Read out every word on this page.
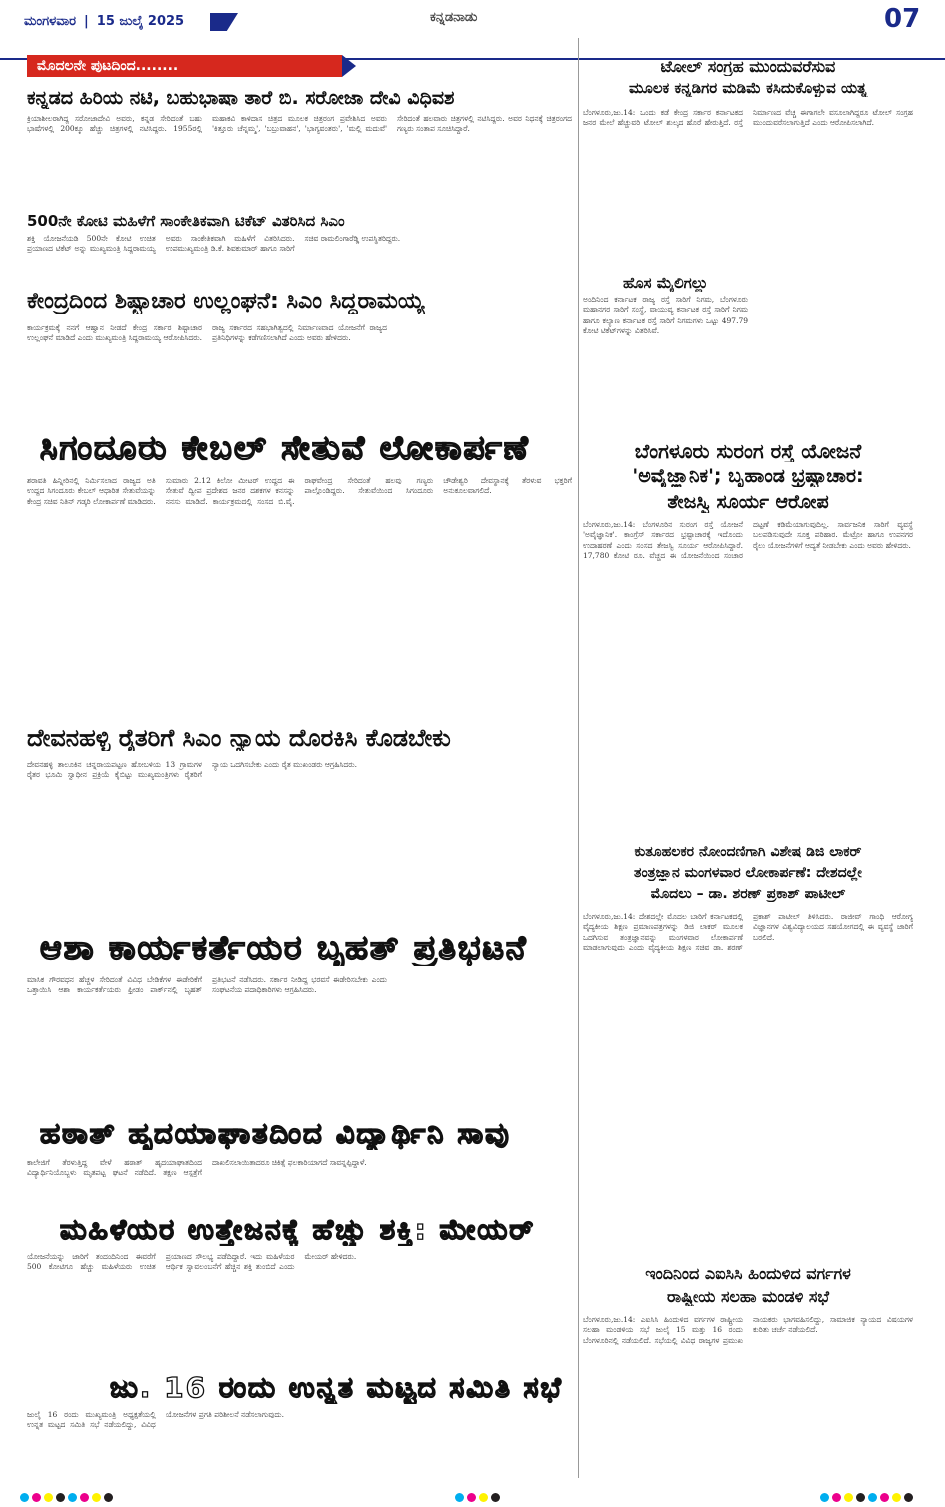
ಮಂಗಳವಾರ | 15 ಜುಲೈ 2025	ಕನ್ನಡನಾಡು	07
ಮೊದಲನೇ ಪುಟದಿಂದ........
ಕನ್ನಡದ ಹಿರಿಯ ನಟಿ, ಬಹುಭಾಷಾ ತಾರೆ ಬಿ. ಸರೋಜಾ ದೇವಿ ವಿಧಿವಶ
ಕ್ರಿಯಾಶೀಲರಾಗಿದ್ದ ಸರೋಜಾದೇವಿ ಅವರು, ಕನ್ನಡ ಸೇರಿದಂತೆ ಬಹು ಭಾಷೆಗಳಲ್ಲಿ 200ಕ್ಕೂ ಹೆಚ್ಚು ಚಿತ್ರಗಳಲ್ಲಿ ನಟಿಸಿದ್ದರು. 1955ರಲ್ಲಿ ಮಹಾಕವಿ ಕಾಳಿದಾಸ ಚಿತ್ರದ ಮೂಲಕ ಚಿತ್ರರಂಗ ಪ್ರವೇಶಿಸಿದ ಅವರು 'ಕಿತ್ತೂರು ಚೆನ್ನಮ್ಮ', 'ಬಬ್ರುವಾಹನ', 'ಭಾಗ್ಯವಂತರು', 'ಮಲ್ಲಿ ಮದುವೆ' ಸೇರಿದಂತೆ ಹಲವಾರು ಚಿತ್ರಗಳಲ್ಲಿ ನಟಿಸಿದ್ದರು. ಅವರ ನಿಧನಕ್ಕೆ ಚಿತ್ರರಂಗದ ಗಣ್ಯರು ಸಂತಾಪ ಸೂಚಿಸಿದ್ದಾರೆ.
500ನೇ ಕೋಟಿ ಮಹಿಳೆಗೆ ಸಾಂಕೇತಿಕವಾಗಿ ಟಿಕೆಟ್ ವಿತರಿಸಿದ ಸಿಎಂ
ಶಕ್ತಿ ಯೋಜನೆಯಡಿ 500ನೇ ಕೋಟಿ ಉಚಿತ ಪ್ರಯಾಣದ ಟಿಕೆಟ್ ಅನ್ನು ಮುಖ್ಯಮಂತ್ರಿ ಸಿದ್ದರಾಮಯ್ಯ ಅವರು ಸಾಂಕೇತಿಕವಾಗಿ ಮಹಿಳೆಗೆ ವಿತರಿಸಿದರು. ಉಪಮುಖ್ಯಮಂತ್ರಿ ಡಿ.ಕೆ. ಶಿವಕುಮಾರ್ ಹಾಗೂ ಸಾರಿಗೆ ಸಚಿವ ರಾಮಲಿಂಗಾರೆಡ್ಡಿ ಉಪಸ್ಥಿತರಿದ್ದರು.
ಕೇಂದ್ರದಿಂದ ಶಿಷ್ಟಾಚಾರ ಉಲ್ಲಂಘನೆ: ಸಿಎಂ ಸಿದ್ದರಾಮಯ್ಯ
ಕಾರ್ಯಕ್ರಮಕ್ಕೆ ನನಗೆ ಆಹ್ವಾನ ನೀಡದೆ ಕೇಂದ್ರ ಸರ್ಕಾರ ಶಿಷ್ಟಾಚಾರ ಉಲ್ಲಂಘನೆ ಮಾಡಿದೆ ಎಂದು ಮುಖ್ಯಮಂತ್ರಿ ಸಿದ್ದರಾಮಯ್ಯ ಆರೋಪಿಸಿದರು. ರಾಜ್ಯ ಸರ್ಕಾರದ ಸಹಭಾಗಿತ್ವದಲ್ಲಿ ನಿರ್ಮಾಣವಾದ ಯೋಜನೆಗೆ ರಾಜ್ಯದ ಪ್ರತಿನಿಧಿಗಳನ್ನು ಕಡೆಗಣಿಸಲಾಗಿದೆ ಎಂದು ಅವರು ಹೇಳಿದರು.
ಸಿಗಂದೂರು ಕೇಬಲ್ ಸೇತುವೆ ಲೋಕಾರ್ಪಣೆ
ಶರಾವತಿ ಹಿನ್ನೀರಿನಲ್ಲಿ ನಿರ್ಮಿಸಲಾದ ರಾಜ್ಯದ ಅತಿ ಉದ್ದದ ಸಿಗಂದೂರು ಕೇಬಲ್ ಆಧಾರಿತ ಸೇತುವೆಯನ್ನು ಕೇಂದ್ರ ಸಚಿವ ನಿತಿನ್ ಗಡ್ಕರಿ ಲೋಕಾರ್ಪಣೆ ಮಾಡಿದರು. ಸುಮಾರು 2.12 ಕಿಲೋ ಮೀಟರ್ ಉದ್ದದ ಈ ಸೇತುವೆ ದ್ವೀಪ ಪ್ರದೇಶದ ಜನರ ದಶಕಗಳ ಕನಸನ್ನು ನನಸು ಮಾಡಿದೆ. ಕಾರ್ಯಕ್ರಮದಲ್ಲಿ ಸಂಸದ ಬಿ.ವೈ. ರಾಘವೇಂದ್ರ ಸೇರಿದಂತೆ ಹಲವು ಗಣ್ಯರು ಪಾಲ್ಗೊಂಡಿದ್ದರು. ಸೇತುವೆಯಿಂದ ಸಿಗಂದೂರು ಚೌಡೇಶ್ವರಿ ದೇವಸ್ಥಾನಕ್ಕೆ ತೆರಳುವ ಭಕ್ತರಿಗೆ ಅನುಕೂಲವಾಗಲಿದೆ.
ದೇವನಹಳ್ಳಿ ರೈತರಿಗೆ ಸಿಎಂ ನ್ಯಾಯ ದೊರಕಿಸಿ ಕೊಡಬೇಕು
ದೇವನಹಳ್ಳಿ ತಾಲೂಕಿನ ಚನ್ನರಾಯಪಟ್ಟಣ ಹೋಬಳಿಯ 13 ಗ್ರಾಮಗಳ ರೈತರ ಭೂಮಿ ಸ್ವಾಧೀನ ಪ್ರಕ್ರಿಯೆ ಕೈಬಿಟ್ಟು ಮುಖ್ಯಮಂತ್ರಿಗಳು ರೈತರಿಗೆ ನ್ಯಾಯ ಒದಗಿಸಬೇಕು ಎಂದು ರೈತ ಮುಖಂಡರು ಆಗ್ರಹಿಸಿದರು.
ಆಶಾ ಕಾರ್ಯಕರ್ತೆಯರ ಬೃಹತ್ ಪ್ರತಿಭಟನೆ
ಮಾಸಿಕ ಗೌರವಧನ ಹೆಚ್ಚಳ ಸೇರಿದಂತೆ ವಿವಿಧ ಬೇಡಿಕೆಗಳ ಈಡೇರಿಕೆಗೆ ಒತ್ತಾಯಿಸಿ ಆಶಾ ಕಾರ್ಯಕರ್ತೆಯರು ಫ್ರೀಡಂ ಪಾರ್ಕ್‌ನಲ್ಲಿ ಬೃಹತ್ ಪ್ರತಿಭಟನೆ ನಡೆಸಿದರು. ಸರ್ಕಾರ ನೀಡಿದ್ದ ಭರವಸೆ ಈಡೇರಿಸಬೇಕು ಎಂದು ಸಂಘಟನೆಯ ಪದಾಧಿಕಾರಿಗಳು ಆಗ್ರಹಿಸಿದರು.
ಹಠಾತ್ ಹೃದಯಾಘಾತದಿಂದ ವಿದ್ಯಾರ್ಥಿನಿ ಸಾವು
ಕಾಲೇಜಿಗೆ ತೆರಳುತ್ತಿದ್ದ ವೇಳೆ ಹಠಾತ್ ಹೃದಯಾಘಾತದಿಂದ ವಿದ್ಯಾರ್ಥಿನಿಯೊಬ್ಬಳು ಮೃತಪಟ್ಟ ಘಟನೆ ನಡೆದಿದೆ. ತಕ್ಷಣ ಆಸ್ಪತ್ರೆಗೆ ದಾಖಲಿಸಲಾಯಿತಾದರೂ ಚಿಕಿತ್ಸೆ ಫಲಕಾರಿಯಾಗದೆ ಸಾವನ್ನಪ್ಪಿದ್ದಾಳೆ.
ಮಹಿಳೆಯರ ಉತ್ತೇಜನಕ್ಕೆ ಹೆಚ್ಚು ಶಕ್ತಿ: ಮೇಯರ್
ಯೋಜನೆಯನ್ನು ಜಾರಿಗೆ ತಂದಂದಿನಿಂದ ಈವರೆಗೆ 500 ಕೋಟಿಗೂ ಹೆಚ್ಚು ಮಹಿಳೆಯರು ಉಚಿತ ಪ್ರಯಾಣದ ಸೌಲಭ್ಯ ಪಡೆದಿದ್ದಾರೆ. ಇದು ಮಹಿಳೆಯರ ಆರ್ಥಿಕ ಸ್ವಾವಲಂಬನೆಗೆ ಹೆಚ್ಚಿನ ಶಕ್ತಿ ತುಂಬಿದೆ ಎಂದು ಮೇಯರ್ ಹೇಳಿದರು.
ಜು. 16 ರಂದು ಉನ್ನತ ಮಟ್ಟದ ಸಮಿತಿ ಸಭೆ
ಜುಲೈ 16 ರಂದು ಮುಖ್ಯಮಂತ್ರಿ ಅಧ್ಯಕ್ಷತೆಯಲ್ಲಿ ಉನ್ನತ ಮಟ್ಟದ ಸಮಿತಿ ಸಭೆ ನಡೆಯಲಿದ್ದು, ವಿವಿಧ ಯೋಜನೆಗಳ ಪ್ರಗತಿ ಪರಿಶೀಲನೆ ನಡೆಸಲಾಗುವುದು.
ಟೋಲ್ ಸಂಗ್ರಹ ಮುಂದುವರೆಸುವ
ಮೂಲಕ ಕನ್ನಡಿಗರ ಮಡಿಮೆ ಕಸಿದುಕೊಳ್ಳುವ ಯತ್ನ
ಬೆಂಗಳೂರು,ಜು.14: ಒಂದು ಕಡೆ ಕೇಂದ್ರ ಸರ್ಕಾರ ಕರ್ನಾಟಕದ ಜನರ ಮೇಲೆ ಹೆಚ್ಚುವರಿ ಟೋಲ್ ಶುಲ್ಕದ ಹೊರೆ ಹೇರುತ್ತಿದೆ. ರಸ್ತೆ ನಿರ್ಮಾಣದ ವೆಚ್ಚ ಈಗಾಗಲೇ ವಸೂಲಾಗಿದ್ದರೂ ಟೋಲ್ ಸಂಗ್ರಹ ಮುಂದುವರೆಸಲಾಗುತ್ತಿದೆ ಎಂದು ಆರೋಪಿಸಲಾಗಿದೆ.
ಹೊಸ ಮೈಲಿಗಲ್ಲು
ಅಂದಿನಿಂದ ಕರ್ನಾಟಕ ರಾಜ್ಯ ರಸ್ತೆ ಸಾರಿಗೆ ನಿಗಮ, ಬೆಂಗಳೂರು ಮಹಾನಗರ ಸಾರಿಗೆ ಸಂಸ್ಥೆ, ವಾಯುವ್ಯ ಕರ್ನಾಟಕ ರಸ್ತೆ ಸಾರಿಗೆ ನಿಗಮ ಹಾಗೂ ಕಲ್ಯಾಣ ಕರ್ನಾಟಕ ರಸ್ತೆ ಸಾರಿಗೆ ನಿಗಮಗಳು ಒಟ್ಟು 497.79 ಕೋಟಿ ಟಿಕೆಟ್‌ಗಳನ್ನು ವಿತರಿಸಿವೆ.
ಬೆಂಗಳೂರು ಸುರಂಗ ರಸ್ತೆ ಯೋಜನೆ
'ಅವೈಜ್ಞಾನಿಕ'; ಬೃಹಾಂಡ ಭ್ರಷ್ಟಾಚಾರ:
ತೇಜಸ್ವಿ ಸೂರ್ಯ ಆರೋಪ
ಬೆಂಗಳೂರು,ಜು.14: ಬೆಂಗಳೂರಿನ ಸುರಂಗ ರಸ್ತೆ ಯೋಜನೆ 'ಅವೈಜ್ಞಾನಿಕ'. ಕಾಂಗ್ರೆಸ್ ಸರ್ಕಾರದ ಭ್ರಷ್ಟಾಚಾರಕ್ಕೆ ಇದೊಂದು ಉದಾಹರಣೆ ಎಂದು ಸಂಸದ ತೇಜಸ್ವಿ ಸೂರ್ಯ ಆರೋಪಿಸಿದ್ದಾರೆ. 17,780 ಕೋಟಿ ರೂ. ವೆಚ್ಚದ ಈ ಯೋಜನೆಯಿಂದ ಸಂಚಾರ ದಟ್ಟಣೆ ಕಡಿಮೆಯಾಗುವುದಿಲ್ಲ. ಸಾರ್ವಜನಿಕ ಸಾರಿಗೆ ವ್ಯವಸ್ಥೆ ಬಲಪಡಿಸುವುದೇ ಸೂಕ್ತ ಪರಿಹಾರ. ಮೆಟ್ರೋ ಹಾಗೂ ಉಪನಗರ ರೈಲು ಯೋಜನೆಗಳಿಗೆ ಆದ್ಯತೆ ನೀಡಬೇಕು ಎಂದು ಅವರು ಹೇಳಿದರು.
ಕುತೂಹಲಕರ ನೋಂದಣಿಗಾಗಿ ವಿಶೇಷ ಡಿಜಿ ಲಾಕರ್
ತಂತ್ರಜ್ಞಾನ ಮಂಗಳವಾರ ಲೋಕಾರ್ಪಣೆ: ದೇಶದಲ್ಲೇ
ಮೊದಲು – ಡಾ. ಶರಣ್ ಪ್ರಕಾಶ್ ಪಾಟೀಲ್
ಬೆಂಗಳೂರು,ಜು.14: ದೇಶದಲ್ಲೇ ಮೊದಲ ಬಾರಿಗೆ ಕರ್ನಾಟಕದಲ್ಲಿ ವೈದ್ಯಕೀಯ ಶಿಕ್ಷಣ ಪ್ರಮಾಣಪತ್ರಗಳನ್ನು ಡಿಜಿ ಲಾಕರ್ ಮೂಲಕ ಒದಗಿಸುವ ತಂತ್ರಜ್ಞಾನವನ್ನು ಮಂಗಳವಾರ ಲೋಕಾರ್ಪಣೆ ಮಾಡಲಾಗುವುದು ಎಂದು ವೈದ್ಯಕೀಯ ಶಿಕ್ಷಣ ಸಚಿವ ಡಾ. ಶರಣ್ ಪ್ರಕಾಶ್ ಪಾಟೀಲ್ ತಿಳಿಸಿದರು. ರಾಜೀವ್ ಗಾಂಧಿ ಆರೋಗ್ಯ ವಿಜ್ಞಾನಗಳ ವಿಶ್ವವಿದ್ಯಾಲಯದ ಸಹಯೋಗದಲ್ಲಿ ಈ ವ್ಯವಸ್ಥೆ ಜಾರಿಗೆ ಬರಲಿದೆ.
ಇಂದಿನಿಂದ ಎಐಸಿಸಿ ಹಿಂದುಳಿದ ವರ್ಗಗಳ
ರಾಷ್ಟ್ರೀಯ ಸಲಹಾ ಮಂಡಳಿ ಸಭೆ
ಬೆಂಗಳೂರು,ಜು.14: ಎಐಸಿಸಿ ಹಿಂದುಳಿದ ವರ್ಗಗಳ ರಾಷ್ಟ್ರೀಯ ಸಲಹಾ ಮಂಡಳಿಯ ಸಭೆ ಜುಲೈ 15 ಮತ್ತು 16 ರಂದು ಬೆಂಗಳೂರಿನಲ್ಲಿ ನಡೆಯಲಿದೆ. ಸಭೆಯಲ್ಲಿ ವಿವಿಧ ರಾಜ್ಯಗಳ ಪ್ರಮುಖ ನಾಯಕರು ಭಾಗವಹಿಸಲಿದ್ದು, ಸಾಮಾಜಿಕ ನ್ಯಾಯದ ವಿಷಯಗಳ ಕುರಿತು ಚರ್ಚೆ ನಡೆಯಲಿದೆ.
